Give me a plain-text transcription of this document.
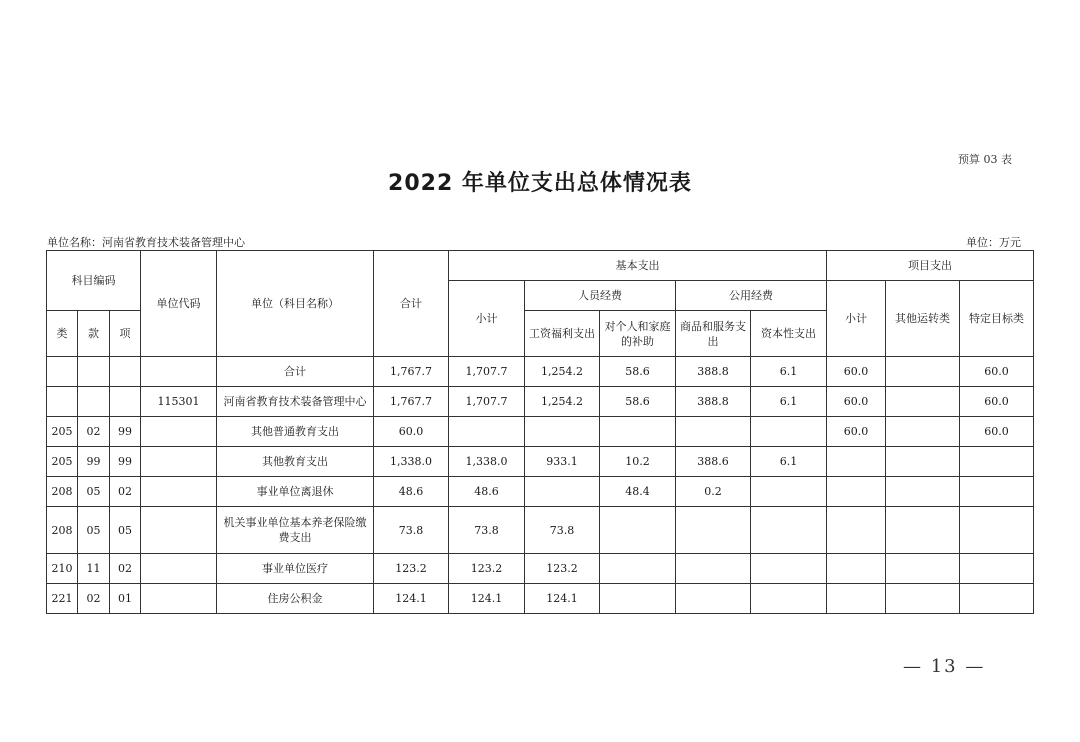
预算 03 表
2022 年单位支出总体情况表
单位名称：河南省教育技术装备管理中心	单位：万元
科目编码			单位代码	单位（科目名称）	合计	基本支出					项目支出		
						小计	人员经费		公用经费		小计	其他运转类	特定目标类
类	款	项					工资福利支出	对个人和家庭的补助	商品和服务支出	资本性支出			
				合计	1,767.7	1,707.7	1,254.2	58.6	388.8	6.1	60.0		60.0
			115301	河南省教育技术装备管理中心	1,767.7	1,707.7	1,254.2	58.6	388.8	6.1	60.0		60.0
205	02	99		其他普通教育支出	60.0						60.0		60.0
205	99	99		其他教育支出	1,338.0	1,338.0	933.1	10.2	388.6	6.1			
208	05	02		事业单位离退休	48.6	48.6		48.4	0.2				
208	05	05		机关事业单位基本养老保险缴费支出	73.8	73.8	73.8						
210	11	02		事业单位医疗	123.2	123.2	123.2						
221	02	01		住房公积金	124.1	124.1	124.1						
— 13 —
